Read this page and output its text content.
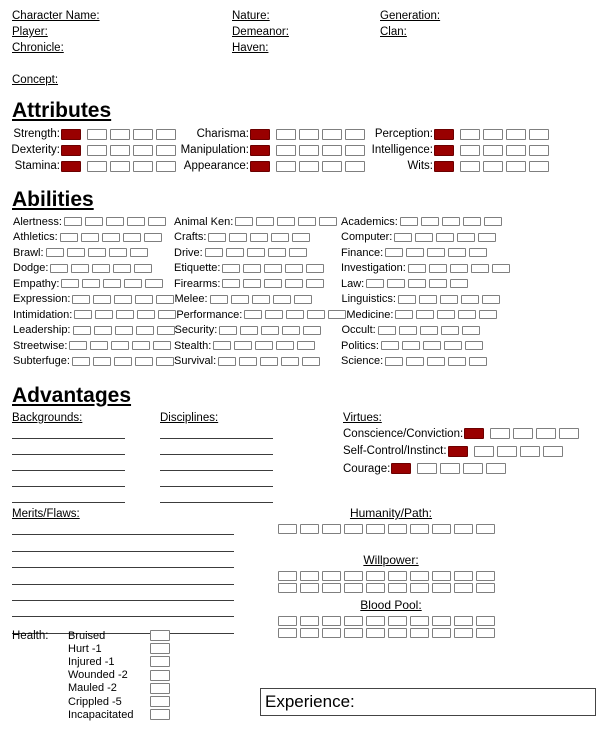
Character Name:
Player:
Chronicle:
Nature:
Demeanor:
Haven:
Generation:
Clan:
Concept:
Attributes
Strength:	Charisma:	Perception:
Dexterity:	Manipulation:	Intelligence:
Stamina:	Appearance:	Wits:
Abilities
Alertness:	Animal Ken:	Academics:
Athletics:	Crafts:	Computer:
Brawl:	Drive:	Finance:
Dodge:	Etiquette:	Investigation:
Empathy:	Firearms:	Law:
Expression:	Melee:	Linguistics:
Intimidation:	Performance:	Medicine:
Leadership:	Security:	Occult:
Streetwise:	Stealth:	Politics:
Subterfuge:	Survival:	Science:
Advantages
Backgrounds:	Disciplines:	Virtues:
Conscience/Conviction:
Self-Control/Instinct:
Courage:
Merits/Flaws:	Humanity/Path:
Willpower:
Blood Pool:
Health: Bruised
Hurt -1
Injured -1
Wounded -2
Mauled -2
Crippled -5
Incapacitated
Experience:
